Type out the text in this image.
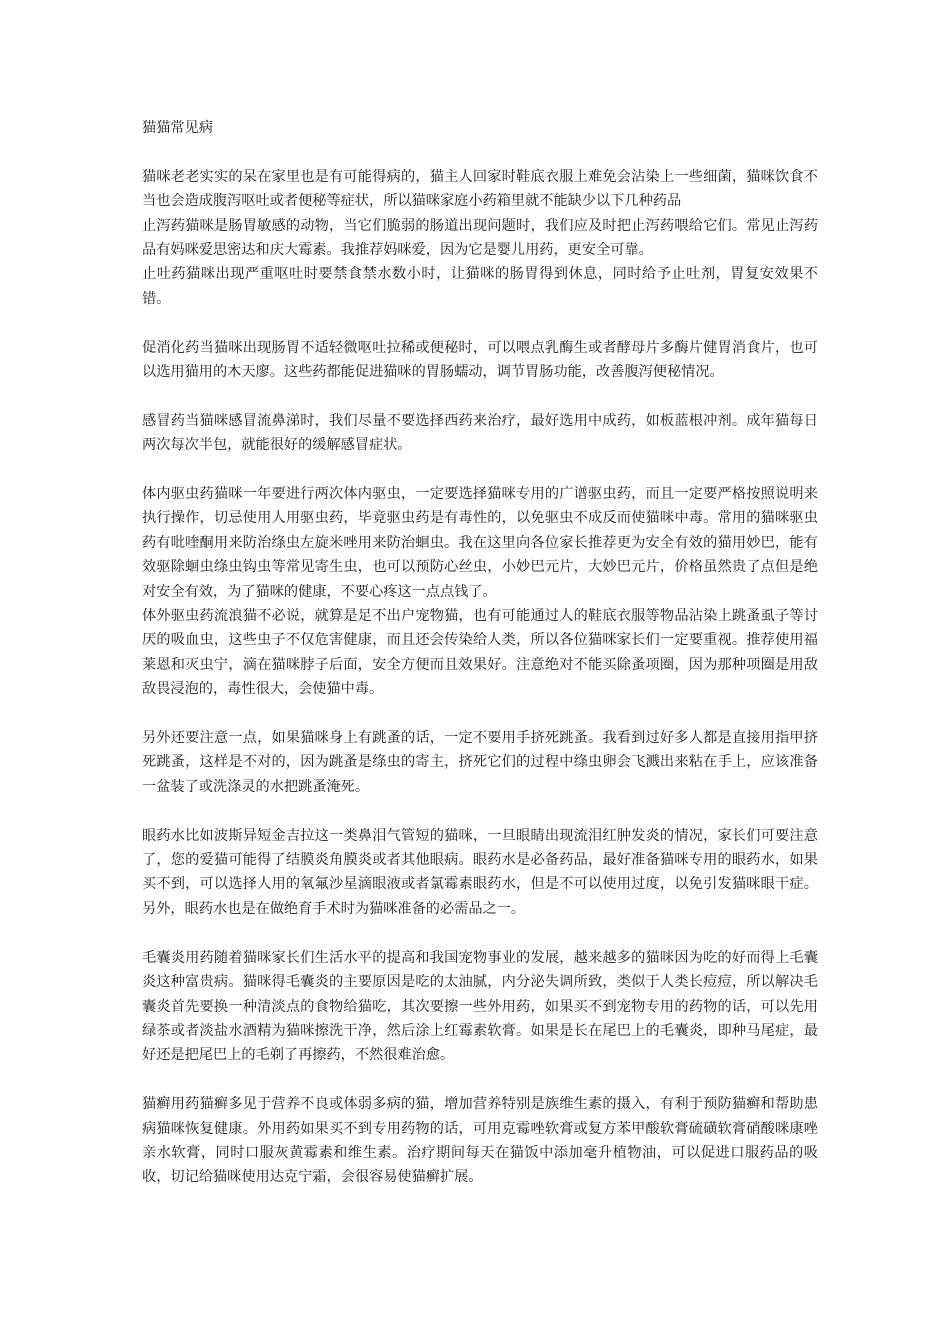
猫猫常见病

猫咪老老实实的呆在家里也是有可能得病的，猫主人回家时鞋底衣服上难免会沾染上一些细菌，猫咪饮食不当也会造成腹泻呕吐或者便秘等症状，所以猫咪家庭小药箱里就不能缺少以下几种药品

止泻药猫咪是肠胃敏感的动物，当它们脆弱的肠道出现问题时，我们应及时把止泻药喂给它们。常见止泻药品有妈咪爱思密达和庆大霉素。我推荐妈咪爱，因为它是婴儿用药，更安全可靠。

止吐药猫咪出现严重呕吐时要禁食禁水数小时，让猫咪的肠胃得到休息，同时给予止吐剂，胃复安效果不错。

促消化药当猫咪出现肠胃不适轻微呕吐拉稀或便秘时，可以喂点乳酶生或者酵母片多酶片健胃消食片，也可以选用猫用的木天廖。这些药都能促进猫咪的胃肠蠕动，调节胃肠功能，改善腹泻便秘情况。

感冒药当猫咪感冒流鼻涕时，我们尽量不要选择西药来治疗，最好选用中成药，如板蓝根冲剂。成年猫每日两次每次半包，就能很好的缓解感冒症状。

体内驱虫药猫咪一年要进行两次体内驱虫，一定要选择猫咪专用的广谱驱虫药，而且一定要严格按照说明来执行操作，切忌使用人用驱虫药，毕竟驱虫药是有毒性的，以免驱虫不成反而使猫咪中毒。常用的猫咪驱虫药有吡喹酮用来防治绦虫左旋米唑用来防治蛔虫。我在这里向各位家长推荐更为安全有效的猫用妙巴，能有效驱除蛔虫绦虫钩虫等常见寄生虫，也可以预防心丝虫，小妙巴元片，大妙巴元片，价格虽然贵了点但是绝对安全有效，为了猫咪的健康，不要心疼这一点点钱了。

体外驱虫药流浪猫不必说，就算是足不出户宠物猫，也有可能通过人的鞋底衣服等物品沾染上跳蚤虱子等讨厌的吸血虫，这些虫子不仅危害健康，而且还会传染给人类，所以各位猫咪家长们一定要重视。推荐使用福莱恩和灭虫宁，滴在猫咪脖子后面，安全方便而且效果好。注意绝对不能买除蚤项圈，因为那种项圈是用敌敌畏浸泡的，毒性很大，会使猫中毒。

另外还要注意一点，如果猫咪身上有跳蚤的话，一定不要用手挤死跳蚤。我看到过好多人都是直接用指甲挤死跳蚤，这样是不对的，因为跳蚤是绦虫的寄主，挤死它们的过程中绦虫卵会飞溅出来粘在手上，应该准备一盆装了或洗涤灵的水把跳蚤淹死。

眼药水比如波斯异短金吉拉这一类鼻泪气管短的猫咪，一旦眼睛出现流泪红肿发炎的情况，家长们可要注意了，您的爱猫可能得了结膜炎角膜炎或者其他眼病。眼药水是必备药品，最好准备猫咪专用的眼药水，如果买不到，可以选择人用的氧氟沙星滴眼液或者氯霉素眼药水，但是不可以使用过度，以免引发猫咪眼干症。另外，眼药水也是在做绝育手术时为猫咪准备的必需品之一。

毛囊炎用药随着猫咪家长们生活水平的提高和我国宠物事业的发展，越来越多的猫咪因为吃的好而得上毛囊炎这种富贵病。猫咪得毛囊炎的主要原因是吃的太油腻，内分泌失调所致，类似于人类长痘痘，所以解决毛囊炎首先要换一种清淡点的食物给猫吃，其次要擦一些外用药，如果买不到宠物专用的药物的话，可以先用绿茶或者淡盐水酒精为猫咪擦洗干净，然后涂上红霉素软膏。如果是长在尾巴上的毛囊炎，即种马尾症，最好还是把尾巴上的毛剃了再擦药，不然很难治愈。

猫癣用药猫癣多见于营养不良或体弱多病的猫，增加营养特别是族维生素的摄入，有利于预防猫癣和帮助患病猫咪恢复健康。外用药如果买不到专用药物的话，可用克霉唑软膏或复方苯甲酸软膏硫磺软膏硝酸咪康唑亲水软膏，同时口服灰黄霉素和维生素。治疗期间每天在猫饭中添加毫升植物油，可以促进口服药品的吸收，切记给猫咪使用达克宁霜，会很容易使猫癣扩展。
